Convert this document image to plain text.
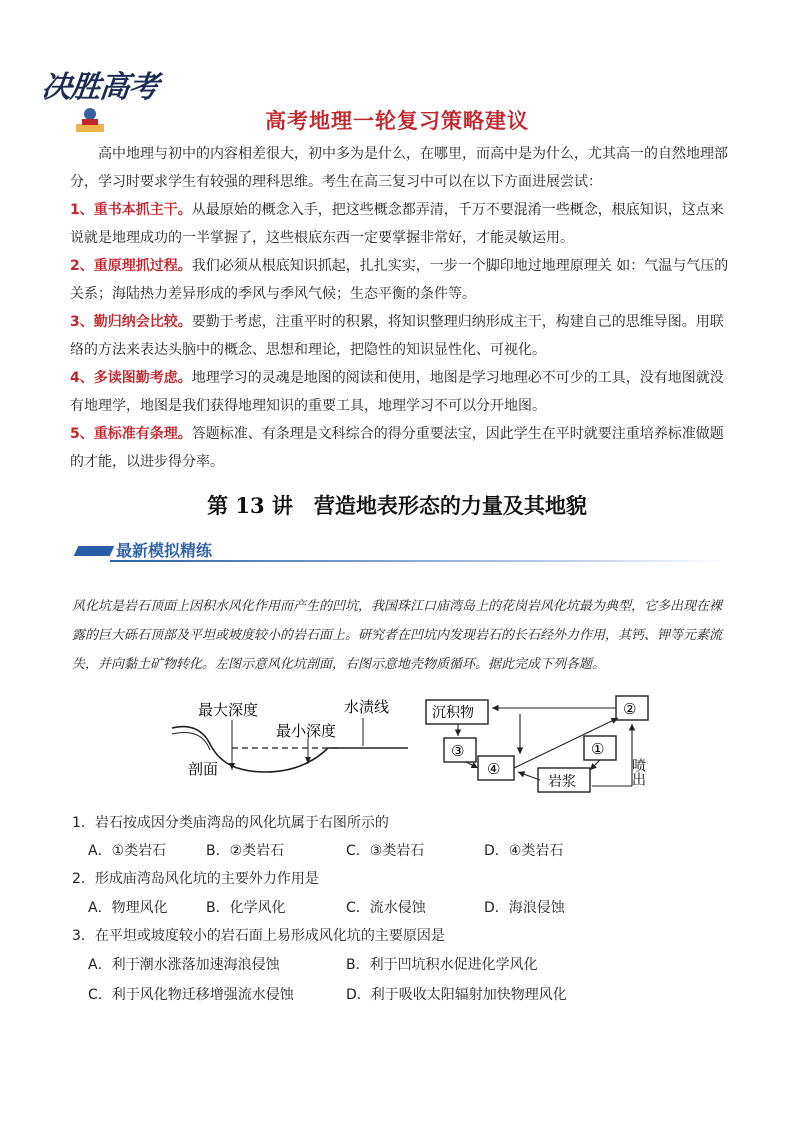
决胜高考
高考地理一轮复习策略建议
高中地理与初中的内容相差很大，初中多为是什么，在哪里，而高中是为什么，尤其高一的自然地理部分，学习时要求学生有较强的理科思维。考生在高三复习中可以在以下方面进展尝试：
1、重书本抓主干。从最原始的概念入手，把这些概念都弄清，千万不要混淆一些概念，根底知识，这点来说就是地理成功的一半掌握了，这些根底东西一定要掌握非常好，才能灵敏运用。
2、重原理抓过程。我们必须从根底知识抓起，扎扎实实，一步一个脚印地过地理原理关 如：气温与气压的关系；海陆热力差异形成的季风与季风气候；生态平衡的条件等。
3、勤归纳会比较。要勤于考虑，注重平时的积累，将知识整理归纳形成主干，构建自己的思维导图。用联络的方法来表达头脑中的概念、思想和理论，把隐性的知识显性化、可视化。
4、多读图勤考虑。地理学习的灵魂是地图的阅读和使用，地图是学习地理必不可少的工具，没有地图就没有地理学，地图是我们获得地理知识的重要工具，地理学习不可以分开地图。
5、重标准有条理。答题标准、有条理是文科综合的得分重要法宝，因此学生在平时就要注重培养标准做题的才能，以进步得分率。
第 13 讲　营造地表形态的力量及其地貌
最新模拟精练
风化坑是岩石顶面上因积水风化作用而产生的凹坑，我国珠江口庙湾岛上的花岗岩风化坑最为典型，它多出现在裸露的巨大砾石顶部及平坦或坡度较小的岩石面上。研究者在凹坑内发现岩石的长石经外力作用，其钙、钾等元素流失，并向黏土矿物转化。左图示意风化坑剖面，右图示意地壳物质循环。据此完成下列各题。
最大深度
最小深度
水渍线
剖面
沉积物	②
③	①
④
岩浆	喷出
1．岩石按成因分类庙湾岛的风化坑属于右图所示的
A．①类岩石	B．②类岩石	C．③类岩石	D．④类岩石
2．形成庙湾岛风化坑的主要外力作用是
A．物理风化	B．化学风化	C．流水侵蚀	D．海浪侵蚀
3．在平坦或坡度较小的岩石面上易形成风化坑的主要原因是
A．利于潮水涨落加速海浪侵蚀	B．利于凹坑积水促进化学风化
C．利于风化物迁移增强流水侵蚀	D．利于吸收太阳辐射加快物理风化
